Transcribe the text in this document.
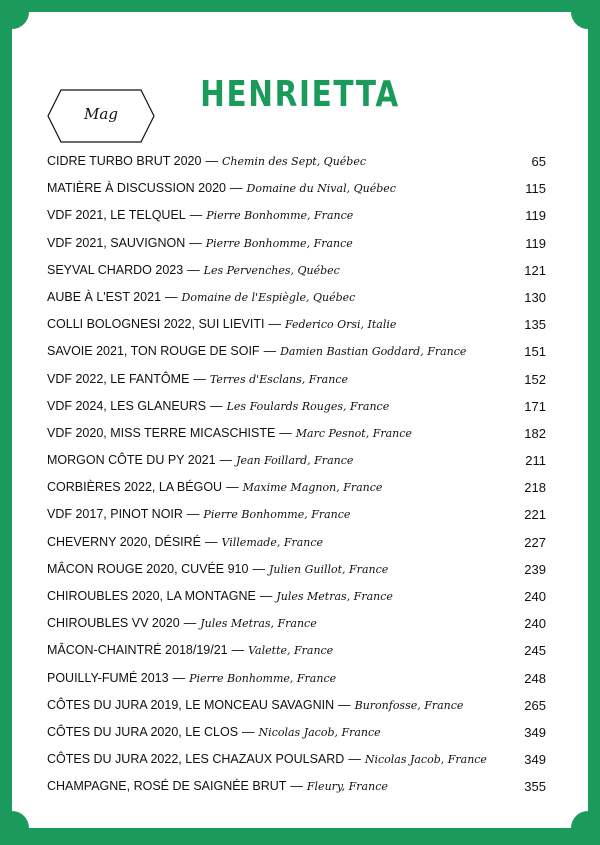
HENRIETTA
Mag
CIDRE TURBO BRUT 2020 — Chemin des Sept, Québec	65
MATIÈRE À DISCUSSION 2020 — Domaine du Nival, Québec	115
VDF 2021, LE TELQUEL — Pierre Bonhomme, France	119
VDF 2021, SAUVIGNON — Pierre Bonhomme, France	119
SEYVAL CHARDO 2023 — Les Pervenches, Québec	121
AUBE À L'EST 2021 — Domaine de l'Espiègle, Québec	130
COLLI BOLOGNESI 2022, SUI LIEVITI — Federico Orsi, Italie	135
SAVOIE 2021, TON ROUGE DE SOIF — Damien Bastian Goddard, France	151
VDF 2022, LE FANTÔME — Terres d'Esclans, France	152
VDF 2024, LES GLANEURS — Les Foulards Rouges, France	171
VDF 2020, MISS TERRE MICASCHISTE — Marc Pesnot, France	182
MORGON CÔTE DU PY 2021 — Jean Foillard, France	211
CORBIÈRES 2022, LA BÉGOU — Maxime Magnon, France	218
VDF 2017, PINOT NOIR — Pierre Bonhomme, France	221
CHEVERNY 2020, DÉSIRÉ — Villemade, France	227
MÂCON ROUGE 2020, CUVÉE 910 — Julien Guillot, France	239
CHIROUBLES 2020, LA MONTAGNE — Jules Metras, France	240
CHIROUBLES VV 2020 — Jules Metras, France	240
MÂCON-CHAINTRÉ 2018/19/21 — Valette, France	245
POUILLY-FUMÉ 2013 — Pierre Bonhomme, France	248
CÔTES DU JURA 2019, LE MONCEAU SAVAGNIN — Buronfosse, France	265
CÔTES DU JURA 2020, LE CLOS — Nicolas Jacob, France	349
CÔTES DU JURA 2022, LES CHAZAUX POULSARD — Nicolas Jacob, France	349
CHAMPAGNE, ROSÉ DE SAIGNÉE BRUT — Fleury, France	355
